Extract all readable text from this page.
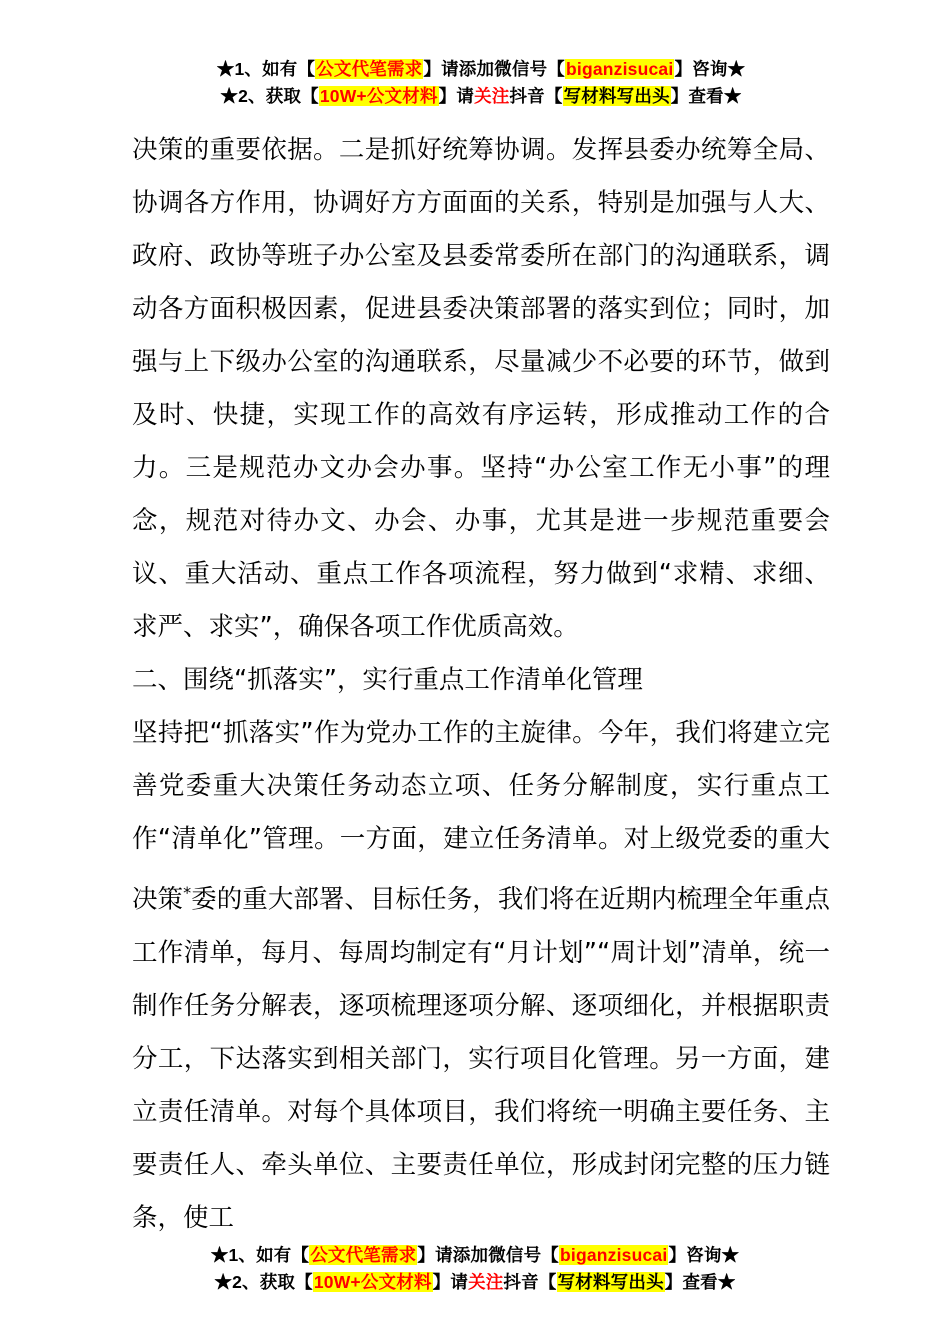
★1、如有【公文代笔需求】请添加微信号【biganzisucai】咨询★
★2、获取【10W+公文材料】请关注抖音【写材料写出头】查看★

决策的重要依据。二是抓好统筹协调。发挥县委办统筹全局、协调各方作用，协调好方方面面的关系，特别是加强与人大、政府、政协等班子办公室及县委常委所在部门的沟通联系，调动各方面积极因素，促进县委决策部署的落实到位；同时，加强与上下级办公室的沟通联系，尽量减少不必要的环节，做到及时、快捷，实现工作的高效有序运转，形成推动工作的合力。三是规范办文办会办事。坚持“办公室工作无小事”的理念，规范对待办文、办会、办事，尤其是进一步规范重要会议、重大活动、重点工作各项流程，努力做到“求精、求细、求严、求实”，确保各项工作优质高效。

二、围绕“抓落实”，实行重点工作清单化管理

坚持把“抓落实”作为党办工作的主旋律。今年，我们将建立完善党委重大决策任务动态立项、任务分解制度，实行重点工作“清单化”管理。一方面，建立任务清单。对上级党委的重大决策*委的重大部署、目标任务，我们将在近期内梳理全年重点工作清单，每月、每周均制定有“月计划”“周计划”清单，统一制作任务分解表，逐项梳理逐项分解、逐项细化，并根据职责分工，下达落实到相关部门，实行项目化管理。另一方面，建立责任清单。对每个具体项目，我们将统一明确主要任务、主要责任人、牵头单位、主要责任单位，形成封闭完整的压力链条，使工

★1、如有【公文代笔需求】请添加微信号【biganzisucai】咨询★
★2、获取【10W+公文材料】请关注抖音【写材料写出头】查看★
